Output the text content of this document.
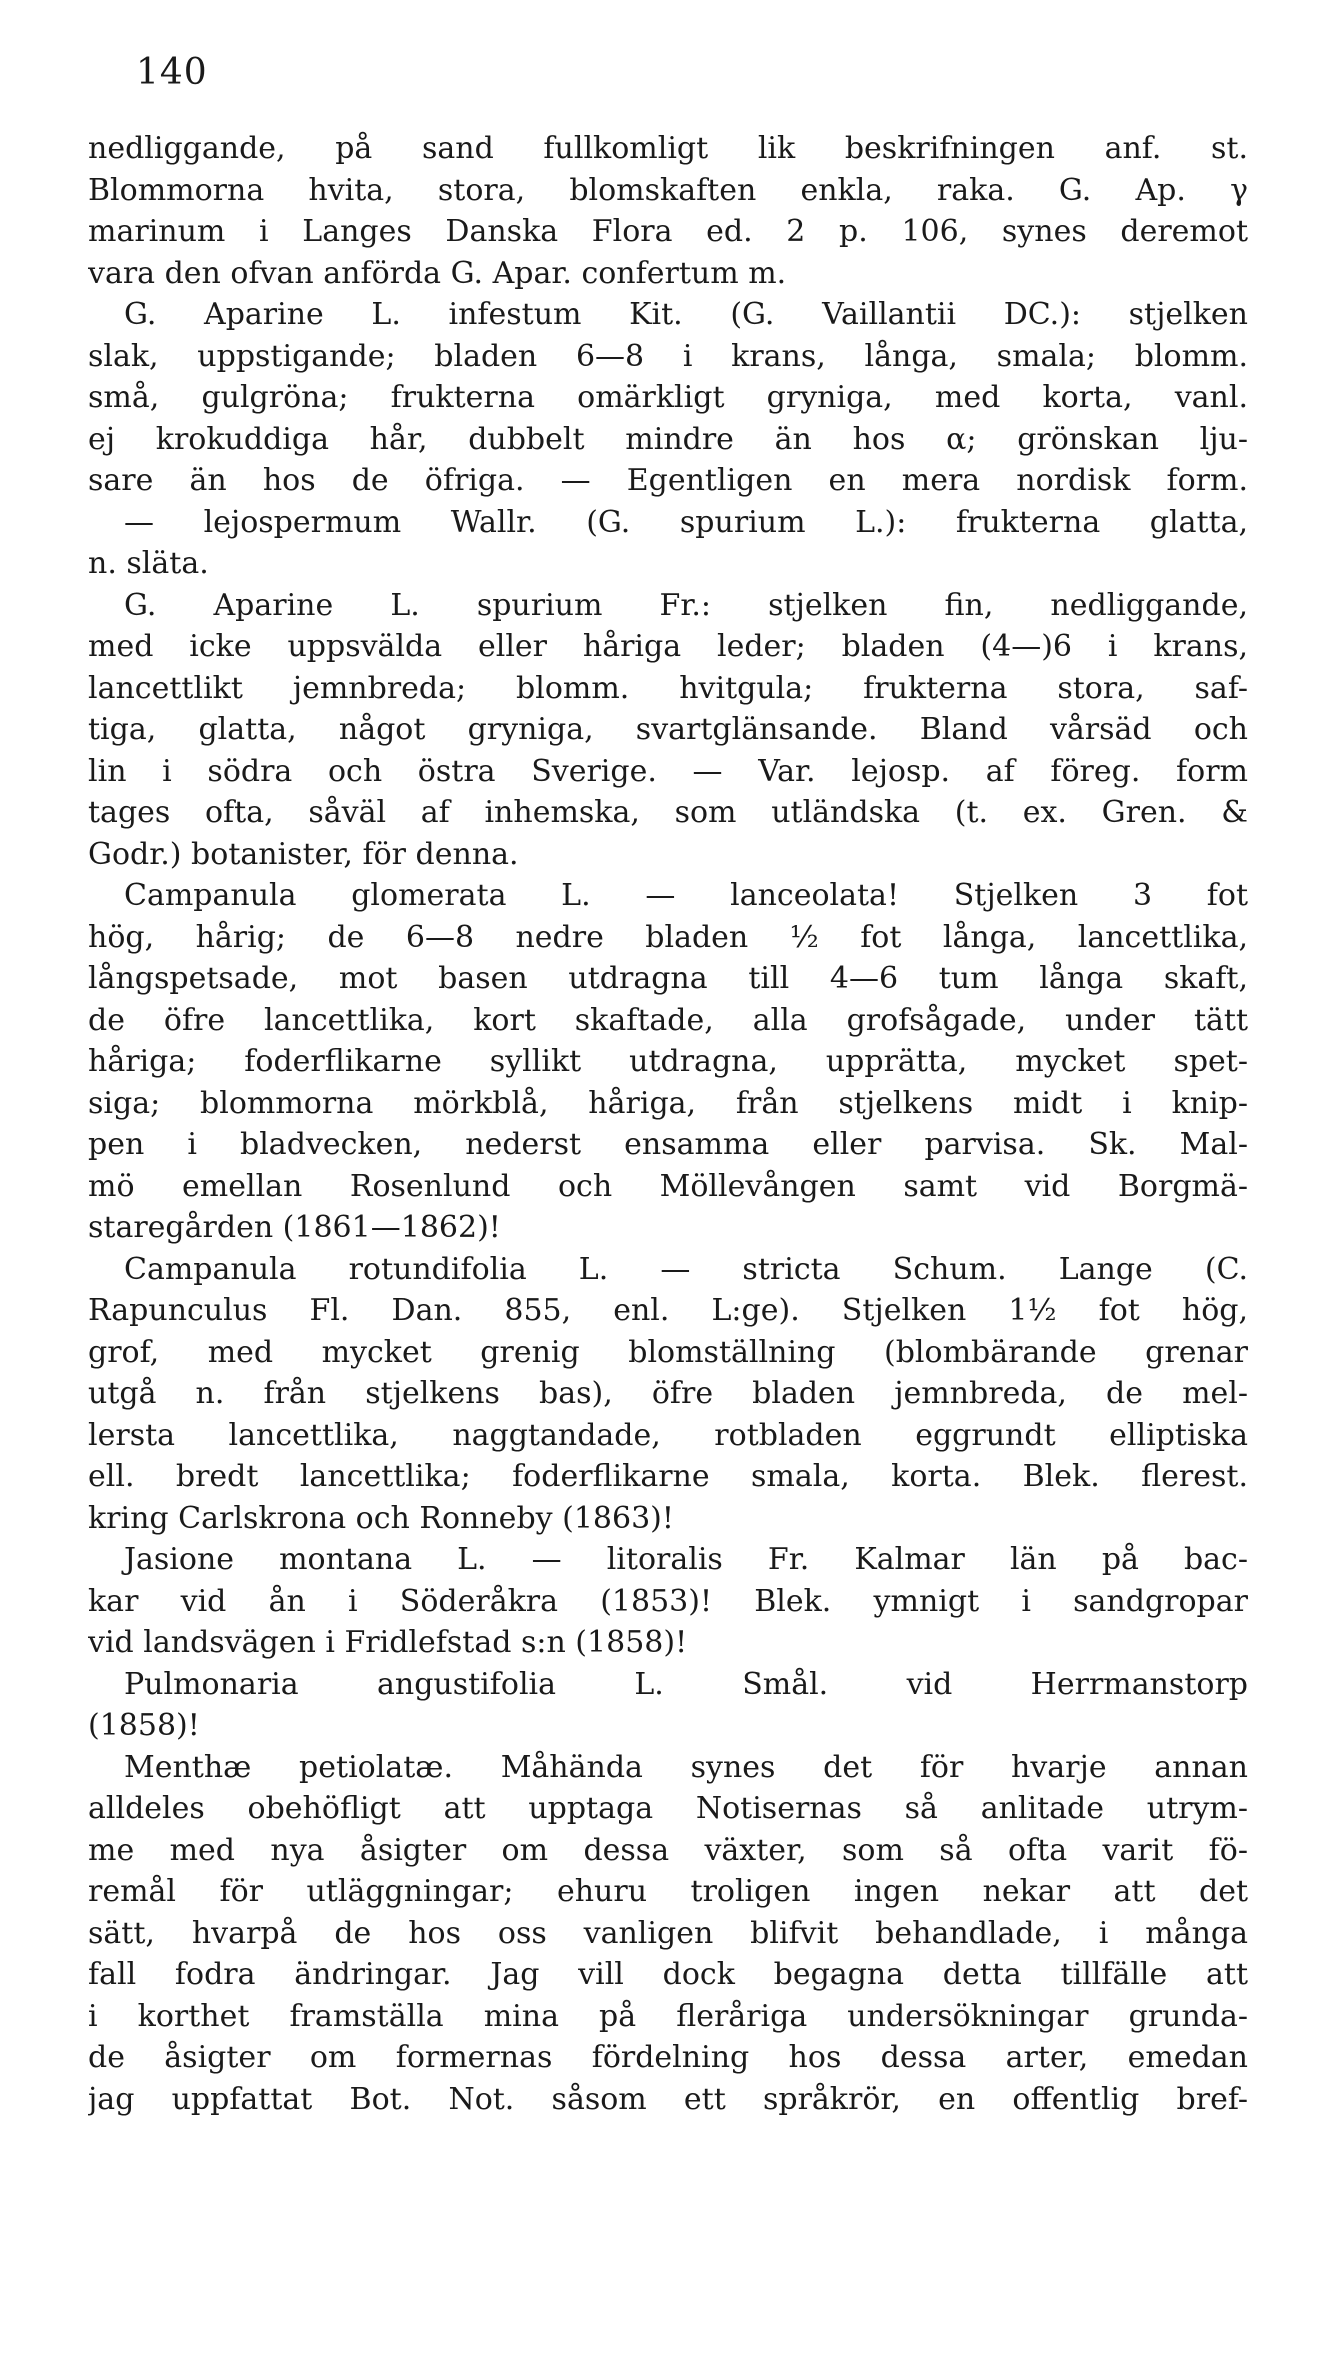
140
nedliggande, på sand fullkomligt lik beskrifningen anf. st.
Blommorna hvita, stora, blomskaften enkla, raka. G. Ap. γ
marinum i Langes Danska Flora ed. 2 p. 106, synes deremot
vara den ofvan anförda G. Apar. confertum m.
G. Aparine L. infestum Kit. (G. Vaillantii DC.): stjelken
slak, uppstigande; bladen 6—8 i krans, långa, smala; blomm.
små, gulgröna; frukterna omärkligt gryniga, med korta, vanl.
ej krokuddiga hår, dubbelt mindre än hos α; grönskan lju-
sare än hos de öfriga. — Egentligen en mera nordisk form.
— lejospermum Wallr. (G. spurium L.): frukterna glatta,
n. släta.
G. Aparine L. spurium Fr.: stjelken fin, nedliggande,
med icke uppsvälda eller håriga leder; bladen (4—)6 i krans,
lancettlikt jemnbreda; blomm. hvitgula; frukterna stora, saf-
tiga, glatta, något gryniga, svartglänsande. Bland vårsäd och
lin i södra och östra Sverige. — Var. lejosp. af föreg. form
tages ofta, såväl af inhemska, som utländska (t. ex. Gren. &
Godr.) botanister, för denna.
Campanula glomerata L. — lanceolata! Stjelken 3 fot
hög, hårig; de 6—8 nedre bladen ½ fot långa, lancettlika,
långspetsade, mot basen utdragna till 4—6 tum långa skaft,
de öfre lancettlika, kort skaftade, alla grofsågade, under tätt
håriga; foderflikarne syllikt utdragna, upprätta, mycket spet-
siga; blommorna mörkblå, håriga, från stjelkens midt i knip-
pen i bladvecken, nederst ensamma eller parvisa. Sk. Mal-
mö emellan Rosenlund och Möllevången samt vid Borgmä-
staregården (1861—1862)!
Campanula rotundifolia L. — stricta Schum. Lange (C.
Rapunculus Fl. Dan. 855, enl. L:ge). Stjelken 1½ fot hög,
grof, med mycket grenig blomställning (blombärande grenar
utgå n. från stjelkens bas), öfre bladen jemnbreda, de mel-
lersta lancettlika, naggtandade, rotbladen eggrundt elliptiska
ell. bredt lancettlika; foderflikarne smala, korta. Blek. flerest.
kring Carlskrona och Ronneby (1863)!
Jasione montana L. — litoralis Fr. Kalmar län på bac-
kar vid ån i Söderåkra (1853)! Blek. ymnigt i sandgropar
vid landsvägen i Fridlefstad s:n (1858)!
Pulmonaria angustifolia L. Smål. vid Herrmanstorp
(1858)!
Menthæ petiolatæ. Måhända synes det för hvarje annan
alldeles obehöfligt att upptaga Notisernas så anlitade utrym-
me med nya åsigter om dessa växter, som så ofta varit fö-
remål för utläggningar; ehuru troligen ingen nekar att det
sätt, hvarpå de hos oss vanligen blifvit behandlade, i många
fall fodra ändringar. Jag vill dock begagna detta tillfälle att
i korthet framställa mina på fleråriga undersökningar grunda-
de åsigter om formernas fördelning hos dessa arter, emedan
jag uppfattat Bot. Not. såsom ett språkrör, en offentlig bref-
